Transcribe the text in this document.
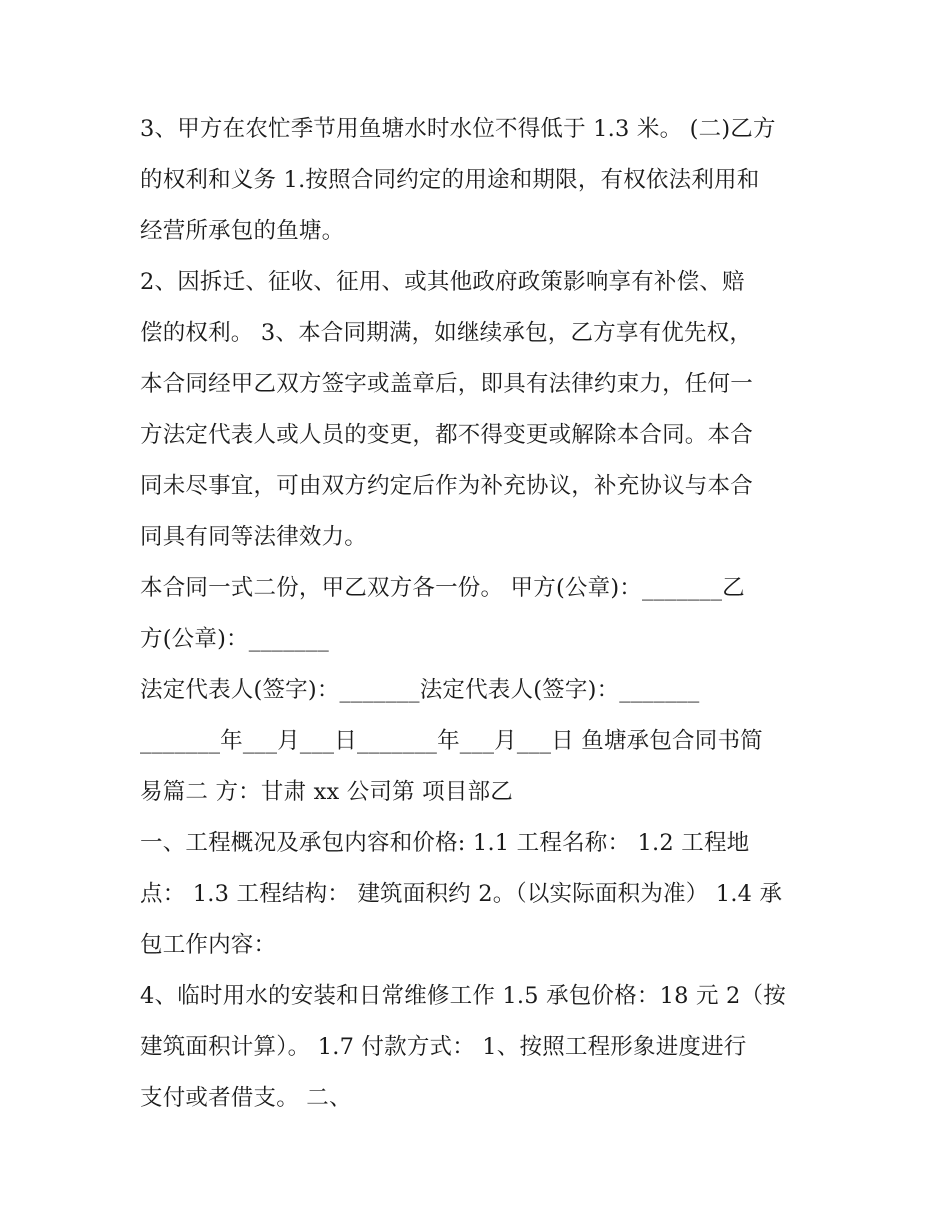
3、甲方在农忙季节用鱼塘水时水位不得低于 1.3 米。 (二)乙方
的权利和义务 1.按照合同约定的用途和期限，有权依法利用和
经营所承包的鱼塘。
2、因拆迁、征收、征用、或其他政府政策影响享有补偿、赔
偿的权利。 3、本合同期满，如继续承包，乙方享有优先权，
本合同经甲乙双方签字或盖章后，即具有法律约束力，任何一
方法定代表人或人员的变更，都不得变更或解除本合同。本合
同未尽事宜，可由双方约定后作为补充协议，补充协议与本合
同具有同等法律效力。
本合同一式二份，甲乙双方各一份。 甲方(公章)：_______乙
方(公章)：_______
法定代表人(签字)：_______法定代表人(签字)：_______
_______年___月___日_______年___月___日 鱼塘承包合同书简
易篇二 方：甘肃 xx 公司第 项目部乙
一、工程概况及承包内容和价格: 1.1 工程名称： 1.2 工程地
点： 1.3 工程结构： 建筑面积约 2。（以实际面积为准） 1.4 承
包工作内容：
4、临时用水的安装和日常维修工作 1.5 承包价格：18 元 2（按
建筑面积计算）。 1.7 付款方式： 1、按照工程形象进度进行
支付或者借支。 二、
